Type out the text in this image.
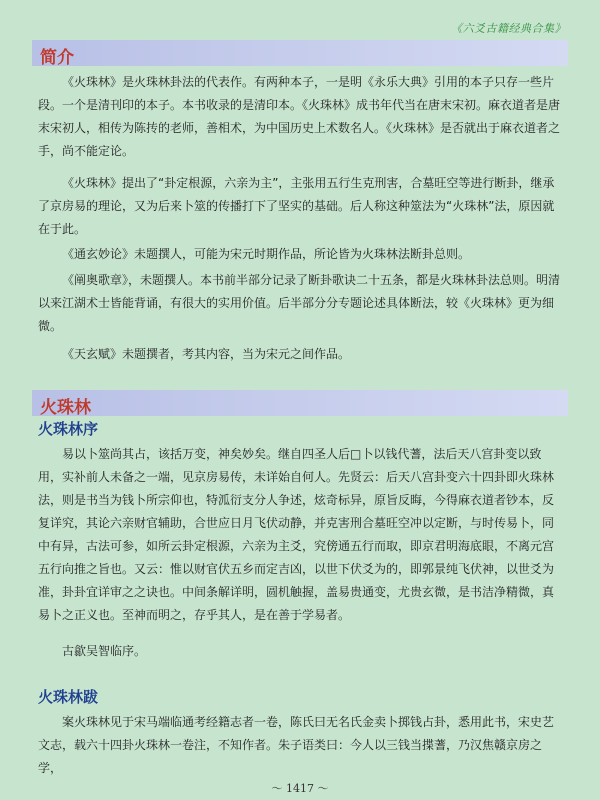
《六爻古籍经典合集》
简介

《火珠林》是火珠林卦法的代表作。有两种本子，一是明《永乐大典》引用的本子只存一些片段。一个是清刊印的本子。本书收录的是清印本。《火珠林》成书年代当在唐末宋初。麻衣道者是唐末宋初人，相传为陈抟的老师，善相术，为中国历史上术数名人。《火珠林》是否就出于麻衣道者之手，尚不能定论。

《火珠林》提出了“卦定根源，六亲为主”，主张用五行生克刑害，合墓旺空等进行断卦，继承了京房易的理论，又为后来卜筮的传播打下了坚实的基础。后人称这种筮法为“火珠林”法，原因就在于此。

《通玄妙论》未题撰人，可能为宋元时期作品，所论皆为火珠林法断卦总则。

《阐奥歌章》，未题撰人。本书前半部分记录了断卦歌诀二十五条，都是火珠林卦法总则。明清以来江湖术士皆能背诵，有很大的实用价值。后半部分分专题论述具体断法，较《火珠林》更为细微。

《天玄赋》未题撰者，考其内容，当为宋元之间作品。

火珠林
火珠林序

易以卜筮尚其占，该括万变，神矣妙矣。继自四圣人后□卜以钱代蓍，法后天八宫卦变以致用，实补前人未备之一端，见京房易传，未详始自何人。先贤云：后天八宫卦变六十四卦即火珠林法，则是书当为钱卜所宗仰也，特泒衍支分人争述，炫奇标异，原旨反晦，今得麻衣道者钞本，反复详究，其论六亲财官辅助，合世应日月飞伏动静，并克害刑合墓旺空冲以定断，与时传易卜，同中有异，古法可参，如所云卦定根源，六亲为主爻，究傍通五行而取，即京君明海底眼，不离元宫五行向推之旨也。又云：惟以财官伏五乡而定吉凶，以世下伏爻为的，即郭景纯飞伏神，以世爻为准，卦卦宜详审之之诀也。中间条解详明，圆机触握，盖易贵通变，尤贵玄微，是书洁净精微，真易卜之正义也。至神而明之，存乎其人，是在善于学易者。

古歙吴智临序。

火珠林跋

案火珠林见于宋马端临通考经籍志者一卷，陈氏曰无名氏金卖卜掷钱占卦，悉用此书，宋史艺文志，载六十四卦火珠林一卷注，不知作者。朱子语类曰：今人以三钱当揲蓍，乃汉焦赣京房之学，

～ 1417 ～
